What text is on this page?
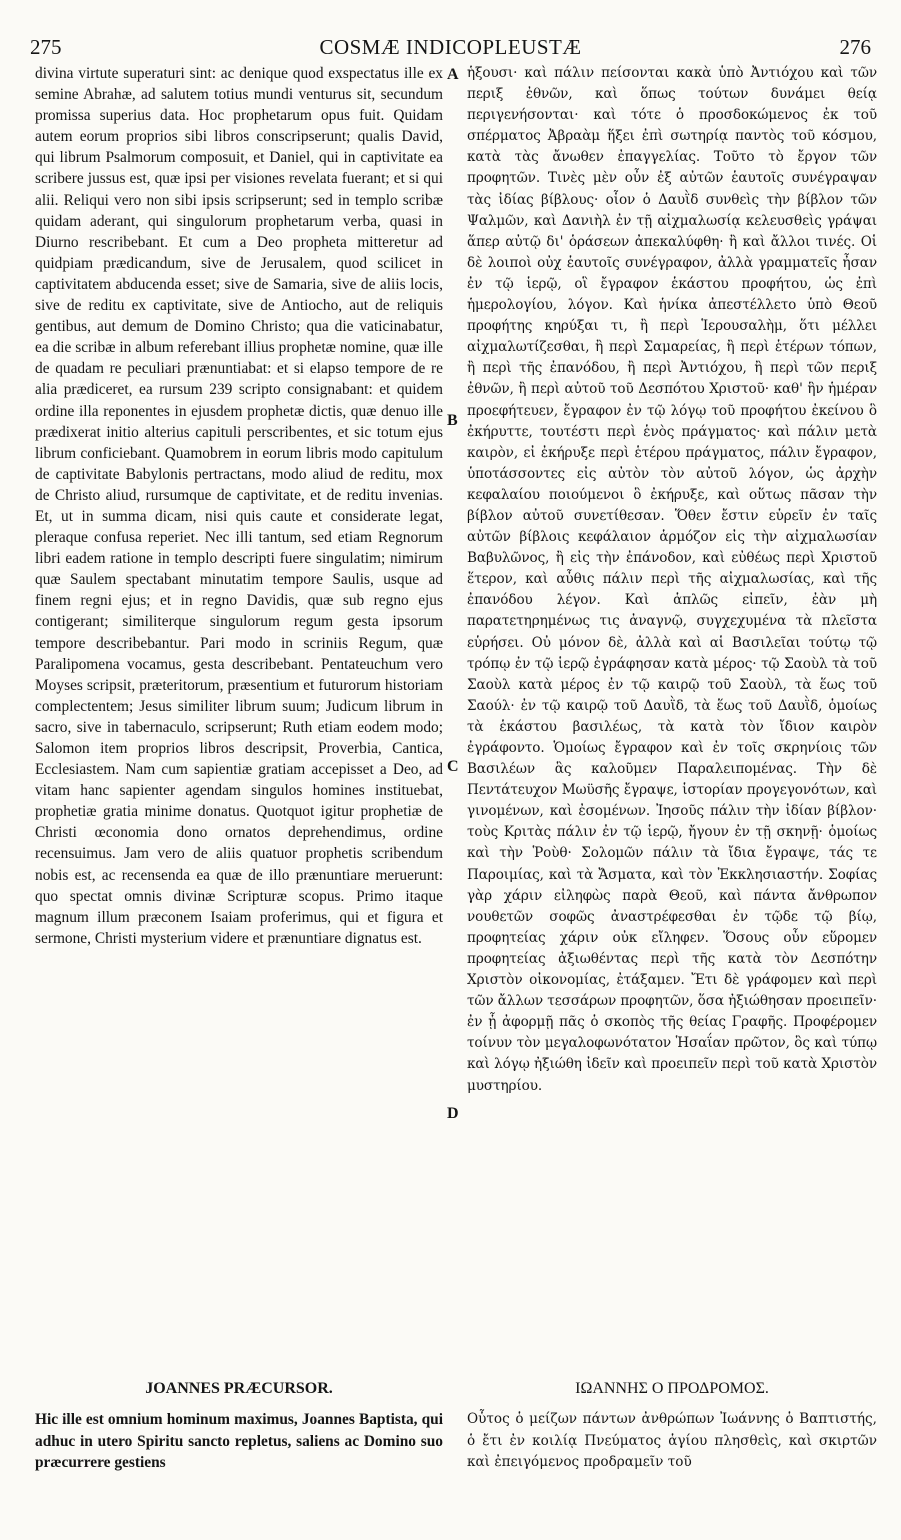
275	COSMÆ INDICOPLEUSTÆ	276

divina virtute superaturi sint: ac denique quod exspectatus ille ex semine Abrahæ, ad salutem totius mundi venturus sit, secundum promissa superius data. Hoc prophetarum opus fuit. Quidam autem eorum proprios sibi libros conscripserunt; qualis David, qui librum Psalmorum composuit, et Daniel, qui in captivitate ea scribere jussus est, quæ ipsi per visiones revelata fuerant; et si qui alii. Reliqui vero non sibi ipsis scripserunt; sed in templo scribæ quidam aderant, qui singulorum prophetarum verba, quasi in Diurno rescribebant. Et cum a Deo propheta mitteretur ad quidpiam prædicandum, sive de Jerusalem, quod scilicet in captivitatem abducenda esset; sive de Samaria, sive de aliis locis, sive de reditu ex captivitate, sive de Antiocho, aut de reliquis gentibus, aut demum de Domino Christo; qua die vaticinabatur, ea die scribæ in album referebant illius prophetæ nomine, quæ ille de quadam re peculiari prænuntiabat: et si elapso tempore de re alia prædiceret, ea rursum 239 scripto consignabant: et quidem ordine illa reponentes in ejusdem prophetæ dictis, quæ denuo ille prædixerat initio alterius capituli perscribentes, et sic totum ejus librum conficiebant. Quamobrem in eorum libris modo capitulum de captivitate Babylonis pertractans, modo aliud de reditu, mox de Christo aliud, rursumque de captivitate, et de reditu invenias. Et, ut in summa dicam, nisi quis caute et considerate legat, pleraque confusa reperiet. Nec illi tantum, sed etiam Regnorum libri eadem ratione in templo descripti fuere singulatim; nimirum quæ Saulem spectabant minutatim tempore Saulis, usque ad finem regni ejus; et in regno Davidis, quæ sub regno ejus contigerant; similiterque singulorum regum gesta ipsorum tempore describebantur. Pari modo in scriniis Regum, quæ Paralipomena vocamus, gesta describebant. Pentateuchum vero Moyses scripsit, præteritorum, præsentium et futurorum historiam complectentem; Jesus similiter librum suum; Judicum librum in sacro, sive in tabernaculo, scripserunt; Ruth etiam eodem modo; Salomon item proprios libros descripsit, Proverbia, Cantica, Ecclesiastem. Nam cum sapientiæ gratiam accepisset a Deo, ad vitam hanc sapienter agendam singulos homines instituebat, prophetiæ gratia minime donatus. Quotquot igitur prophetiæ de Christi œconomia dono ornatos deprehendimus, ordine recensuimus. Jam vero de aliis quatuor prophetis scribendum nobis est, ac recensenda ea quæ de illo prænuntiare meruerunt: quo spectat omnis divinæ Scripturæ scopus. Primo itaque magnum illum præconem Isaiam proferimus, qui et figura et sermone, Christi mysterium videre et prænuntiare dignatus est.

A
B
C
D

ἡξουσι· καὶ πάλιν πείσονται κακὰ ὑπὸ Ἀντιόχου καὶ τῶν περιξ ἐθνῶν, καὶ ὅπως τούτων δυνάμει θείᾳ περιγενήσονται· καὶ τότε ὁ προσδοκώμενος ἐκ τοῦ σπέρματος Ἀβραὰμ ἥξει ἐπὶ σωτηρίᾳ παντὸς τοῦ κόσμου, κατὰ τὰς ἄνωθεν ἐπαγγελίας. Τοῦτο τὸ ἔργον τῶν προφητῶν. Τινὲς μὲν οὖν ἐξ αὐτῶν ἑαυτοῖς συνέγραψαν τὰς ἰδίας βίβλους· οἷον ὁ Δαυῒδ συνθεὶς τὴν βίβλον τῶν Ψαλμῶν, καὶ Δανιὴλ ἐν τῇ αἰχμαλωσίᾳ κελευσθεὶς γράψαι ἅπερ αὐτῷ δι' ὁράσεων ἀπεκαλύφθη· ἢ καὶ ἄλλοι τινές. Οἱ δὲ λοιποὶ οὐχ ἑαυτοῖς συνέγραφον, ἀλλὰ γραμματεῖς ἦσαν ἐν τῷ ἱερῷ, οἳ ἔγραφον ἑκάστου προφήτου, ὡς ἐπὶ ἡμερολογίου, λόγον. Καὶ ἡνίκα ἀπεστέλλετο ὑπὸ Θεοῦ προφήτης κηρύξαι τι, ἢ περὶ Ἱερουσαλὴμ, ὅτι μέλλει αἰχμαλωτίζεσθαι, ἢ περὶ Σαμαρείας, ἢ περὶ ἑτέρων τόπων, ἢ περὶ τῆς ἐπανόδου, ἢ περὶ Ἀντιόχου, ἢ περὶ τῶν περιξ ἐθνῶν, ἢ περὶ αὐτοῦ τοῦ Δεσπότου Χριστοῦ· καθ' ἣν ἡμέραν προεφήτευεν, ἔγραφον ἐν τῷ λόγῳ τοῦ προφήτου ἐκείνου ὃ ἐκήρυττε, τουτέστι περὶ ἑνὸς πράγματος· καὶ πάλιν μετὰ καιρὸν, εἰ ἐκήρυξε περὶ ἑτέρου πράγματος, πάλιν ἔγραφον, ὑποτάσσοντες εἰς αὐτὸν τὸν αὐτοῦ λόγον, ὡς ἀρχὴν κεφαλαίου ποιούμενοι ὃ ἐκήρυξε, καὶ οὕτως πᾶσαν τὴν βίβλον αὐτοῦ συνετίθεσαν. Ὅθεν ἔστιν εὑρεῖν ἐν ταῖς αὐτῶν βίβλοις κεφάλαιον ἁρμόζον εἰς τὴν αἰχμαλωσίαν Βαβυλῶνος, ἢ εἰς τὴν ἐπάνοδον, καὶ εὐθέως περὶ Χριστοῦ ἕτερον, καὶ αὖθις πάλιν περὶ τῆς αἰχμαλωσίας, καὶ τῆς ἐπανόδου λέγον. Καὶ ἁπλῶς εἰπεῖν, ἐὰν μὴ παρατετηρημένως τις ἀναγνῷ, συγχεχυμένα τὰ πλεῖστα εὑρήσει. Οὐ μόνον δὲ, ἀλλὰ καὶ αἱ Βασιλεῖαι τούτῳ τῷ τρόπῳ ἐν τῷ ἱερῷ ἐγράφησαν κατὰ μέρος· τῷ Σαοὺλ τὰ τοῦ Σαοὺλ κατὰ μέρος ἐν τῷ καιρῷ τοῦ Σαοὺλ, τὰ ἕως τοῦ Σαούλ· ἐν τῷ καιρῷ τοῦ Δαυῒδ, τὰ ἕως τοῦ Δαυῒδ, ὁμοίως τὰ ἑκάστου βασιλέως, τὰ κατὰ τὸν ἴδιον καιρὸν ἐγράφοντο. Ὁμοίως ἔγραφον καὶ ἐν τοῖς σκρηνίοις τῶν Βασιλέων ἃς καλοῦμεν Παραλειπομένας. Τὴν δὲ Πεντάτευχον Μωϋσῆς ἔγραψε, ἱστορίαν προγεγονότων, καὶ γινομένων, καὶ ἐσομένων. Ἰησοῦς πάλιν τὴν ἰδίαν βίβλον· τοὺς Κριτὰς πάλιν ἐν τῷ ἱερῷ, ἤγουν ἐν τῇ σκηνῇ· ὁμοίως καὶ τὴν Ῥοὺθ· Σολομῶν πάλιν τὰ ἴδια ἔγραψε, τάς τε Παροιμίας, καὶ τὰ Ἄσματα, καὶ τὸν Ἐκκλησιαστήν. Σοφίας γὰρ χάριν εἰληφὼς παρὰ Θεοῦ, καὶ πάντα ἄνθρωπον νουθετῶν σοφῶς ἀναστρέφεσθαι ἐν τῷδε τῷ βίῳ, προφητείας χάριν οὐκ εἴληφεν. Ὅσους οὖν εὕρομεν προφητείας ἀξιωθέντας περὶ τῆς κατὰ τὸν Δεσπότην Χριστὸν οἰκονομίας, ἐτάξαμεν. Ἔτι δὲ γράφομεν καὶ περὶ τῶν ἄλλων τεσσάρων προφητῶν, ὅσα ἠξιώθησαν προειπεῖν· ἐν ᾗ ἀφορμῇ πᾶς ὁ σκοπὸς τῆς θείας Γραφῆς. Προφέρομεν τοίνυν τὸν μεγαλοφωνότατον Ἡσαΐαν πρῶτον, ὃς καὶ τύπῳ καὶ λόγῳ ἠξιώθη ἰδεῖν καὶ προειπεῖν περὶ τοῦ κατὰ Χριστὸν μυστηρίου.

JOANNES PRÆCURSOR.

Hic ille est omnium hominum maximus, Joannes Baptista, qui adhuc in utero Spiritu sancto repletus, saliens ac Domino suo præcurrere gestiens

ΙΩΑΝΝΗΣ Ο ΠΡΟΔΡΟΜΟΣ.

Οὗτος ὁ μείζων πάντων ἀνθρώπων Ἰωάννης ὁ Βαπτιστής, ὁ ἔτι ἐν κοιλίᾳ Πνεύματος ἁγίου πλησθεὶς, καὶ σκιρτῶν καὶ ἐπειγόμενος προδραμεῖν τοῦ
